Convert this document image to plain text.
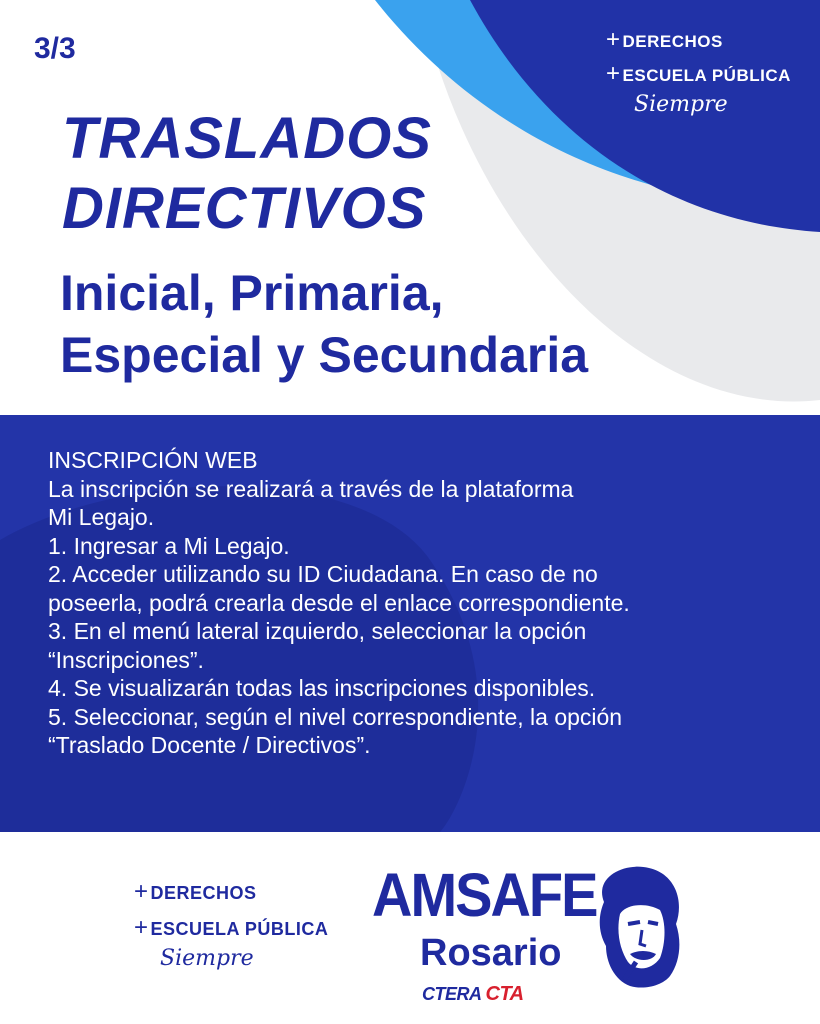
3/3	+ DERECHOS
+ ESCUELA PÚBLICA
Siempre
TRASLADOS
DIRECTIVOS
Inicial, Primaria,
Especial y Secundaria
INSCRIPCIÓN WEB
La inscripción se realizará a través de la plataforma
Mi Legajo.
1. Ingresar a Mi Legajo.
2. Acceder utilizando su ID Ciudadana. En caso de no
poseerla, podrá crearla desde el enlace correspondiente.
3. En el menú lateral izquierdo, seleccionar la opción
“Inscripciones”.
4. Se visualizarán todas las inscripciones disponibles.
5. Seleccionar, según el nivel correspondiente, la opción
“Traslado Docente / Directivos”.
+ DERECHOS
+ ESCUELA PÚBLICA
Siempre
AMSAFE
Rosario
CTERA CTA
